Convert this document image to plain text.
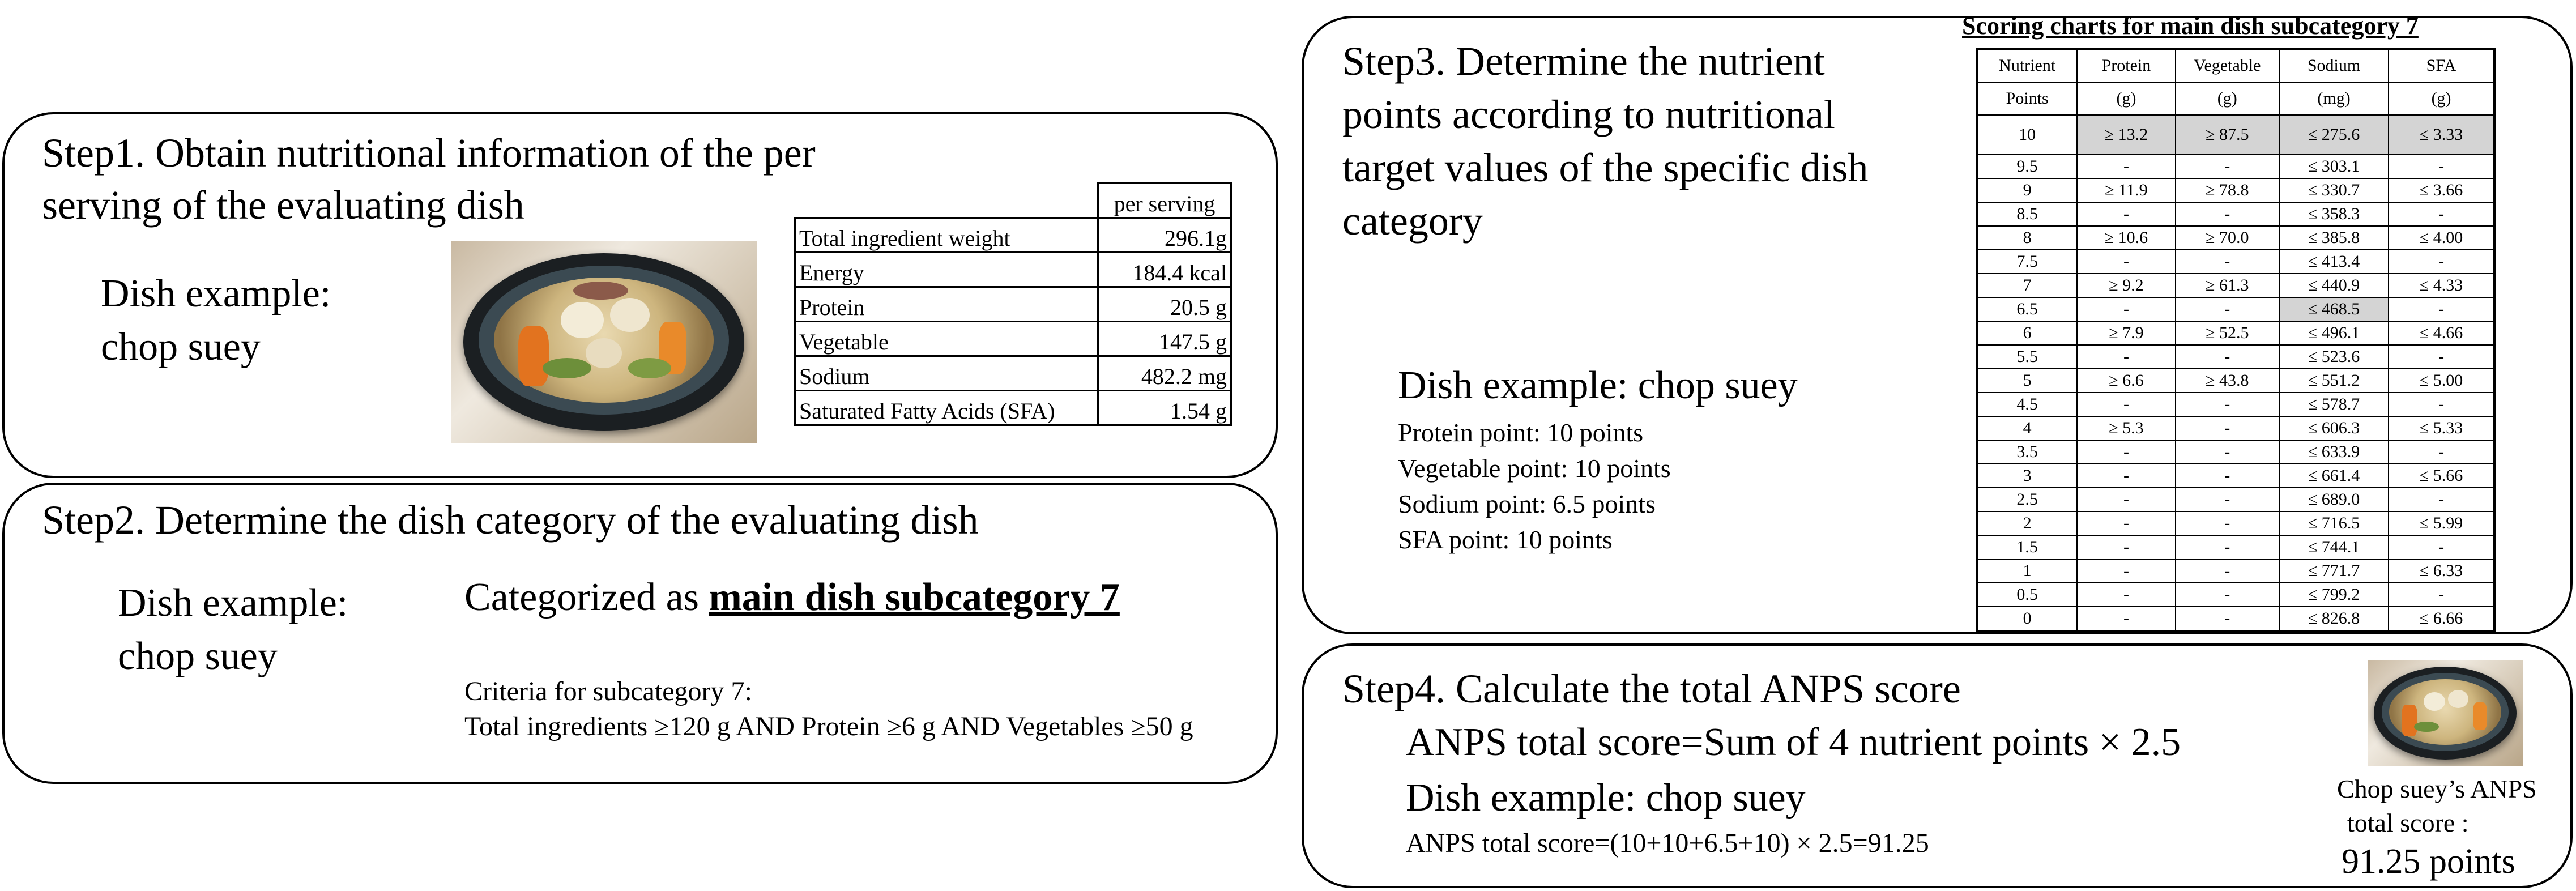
Step1. Obtain nutritional information of the per
serving of the evaluating dish
Dish example:
chop suey
	per serving
Total ingredient weight	296.1g
Energy	184.4 kcal
Protein	20.5 g
Vegetable	147.5 g
Sodium	482.2 mg
Saturated Fatty Acids (SFA)	1.54 g
Step2. Determine the dish category of the evaluating dish
Dish example:
chop suey
Categorized as main dish subcategory 7
Criteria for subcategory 7:
Total ingredients ≥120 g AND Protein ≥6 g AND Vegetables ≥50 g
Step3. Determine the nutrient
points according to nutritional
target values of the specific dish
category
Dish example: chop suey
Protein point: 10 points
Vegetable point: 10 points
Sodium point: 6.5 points
SFA point: 10 points
Scoring charts for main dish subcategory 7
Nutrient	Protein	Vegetable	Sodium	SFA
Points	(g)	(g)	(mg)	(g)
10	≥ 13.2	≥ 87.5	≤ 275.6	≤ 3.33
9.5	-	-	≤ 303.1	-
9	≥ 11.9	≥ 78.8	≤ 330.7	≤ 3.66
8.5	-	-	≤ 358.3	-
8	≥ 10.6	≥ 70.0	≤ 385.8	≤ 4.00
7.5	-	-	≤ 413.4	-
7	≥ 9.2	≥ 61.3	≤ 440.9	≤ 4.33
6.5	-	-	≤ 468.5	-
6	≥ 7.9	≥ 52.5	≤ 496.1	≤ 4.66
5.5	-	-	≤ 523.6	-
5	≥ 6.6	≥ 43.8	≤ 551.2	≤ 5.00
4.5	-	-	≤ 578.7	-
4	≥ 5.3	-	≤ 606.3	≤ 5.33
3.5	-	-	≤ 633.9	-
3	-	-	≤ 661.4	≤ 5.66
2.5	-	-	≤ 689.0	-
2	-	-	≤ 716.5	≤ 5.99
1.5	-	-	≤ 744.1	-
1	-	-	≤ 771.7	≤ 6.33
0.5	-	-	≤ 799.2	-
0	-	-	≤ 826.8	≤ 6.66
Step4. Calculate the total ANPS score
ANPS total score=Sum of 4 nutrient points × 2.5
Dish example: chop suey
ANPS total score=(10+10+6.5+10) × 2.5=91.25
Chop suey’s ANPS
total score :
91.25 points
